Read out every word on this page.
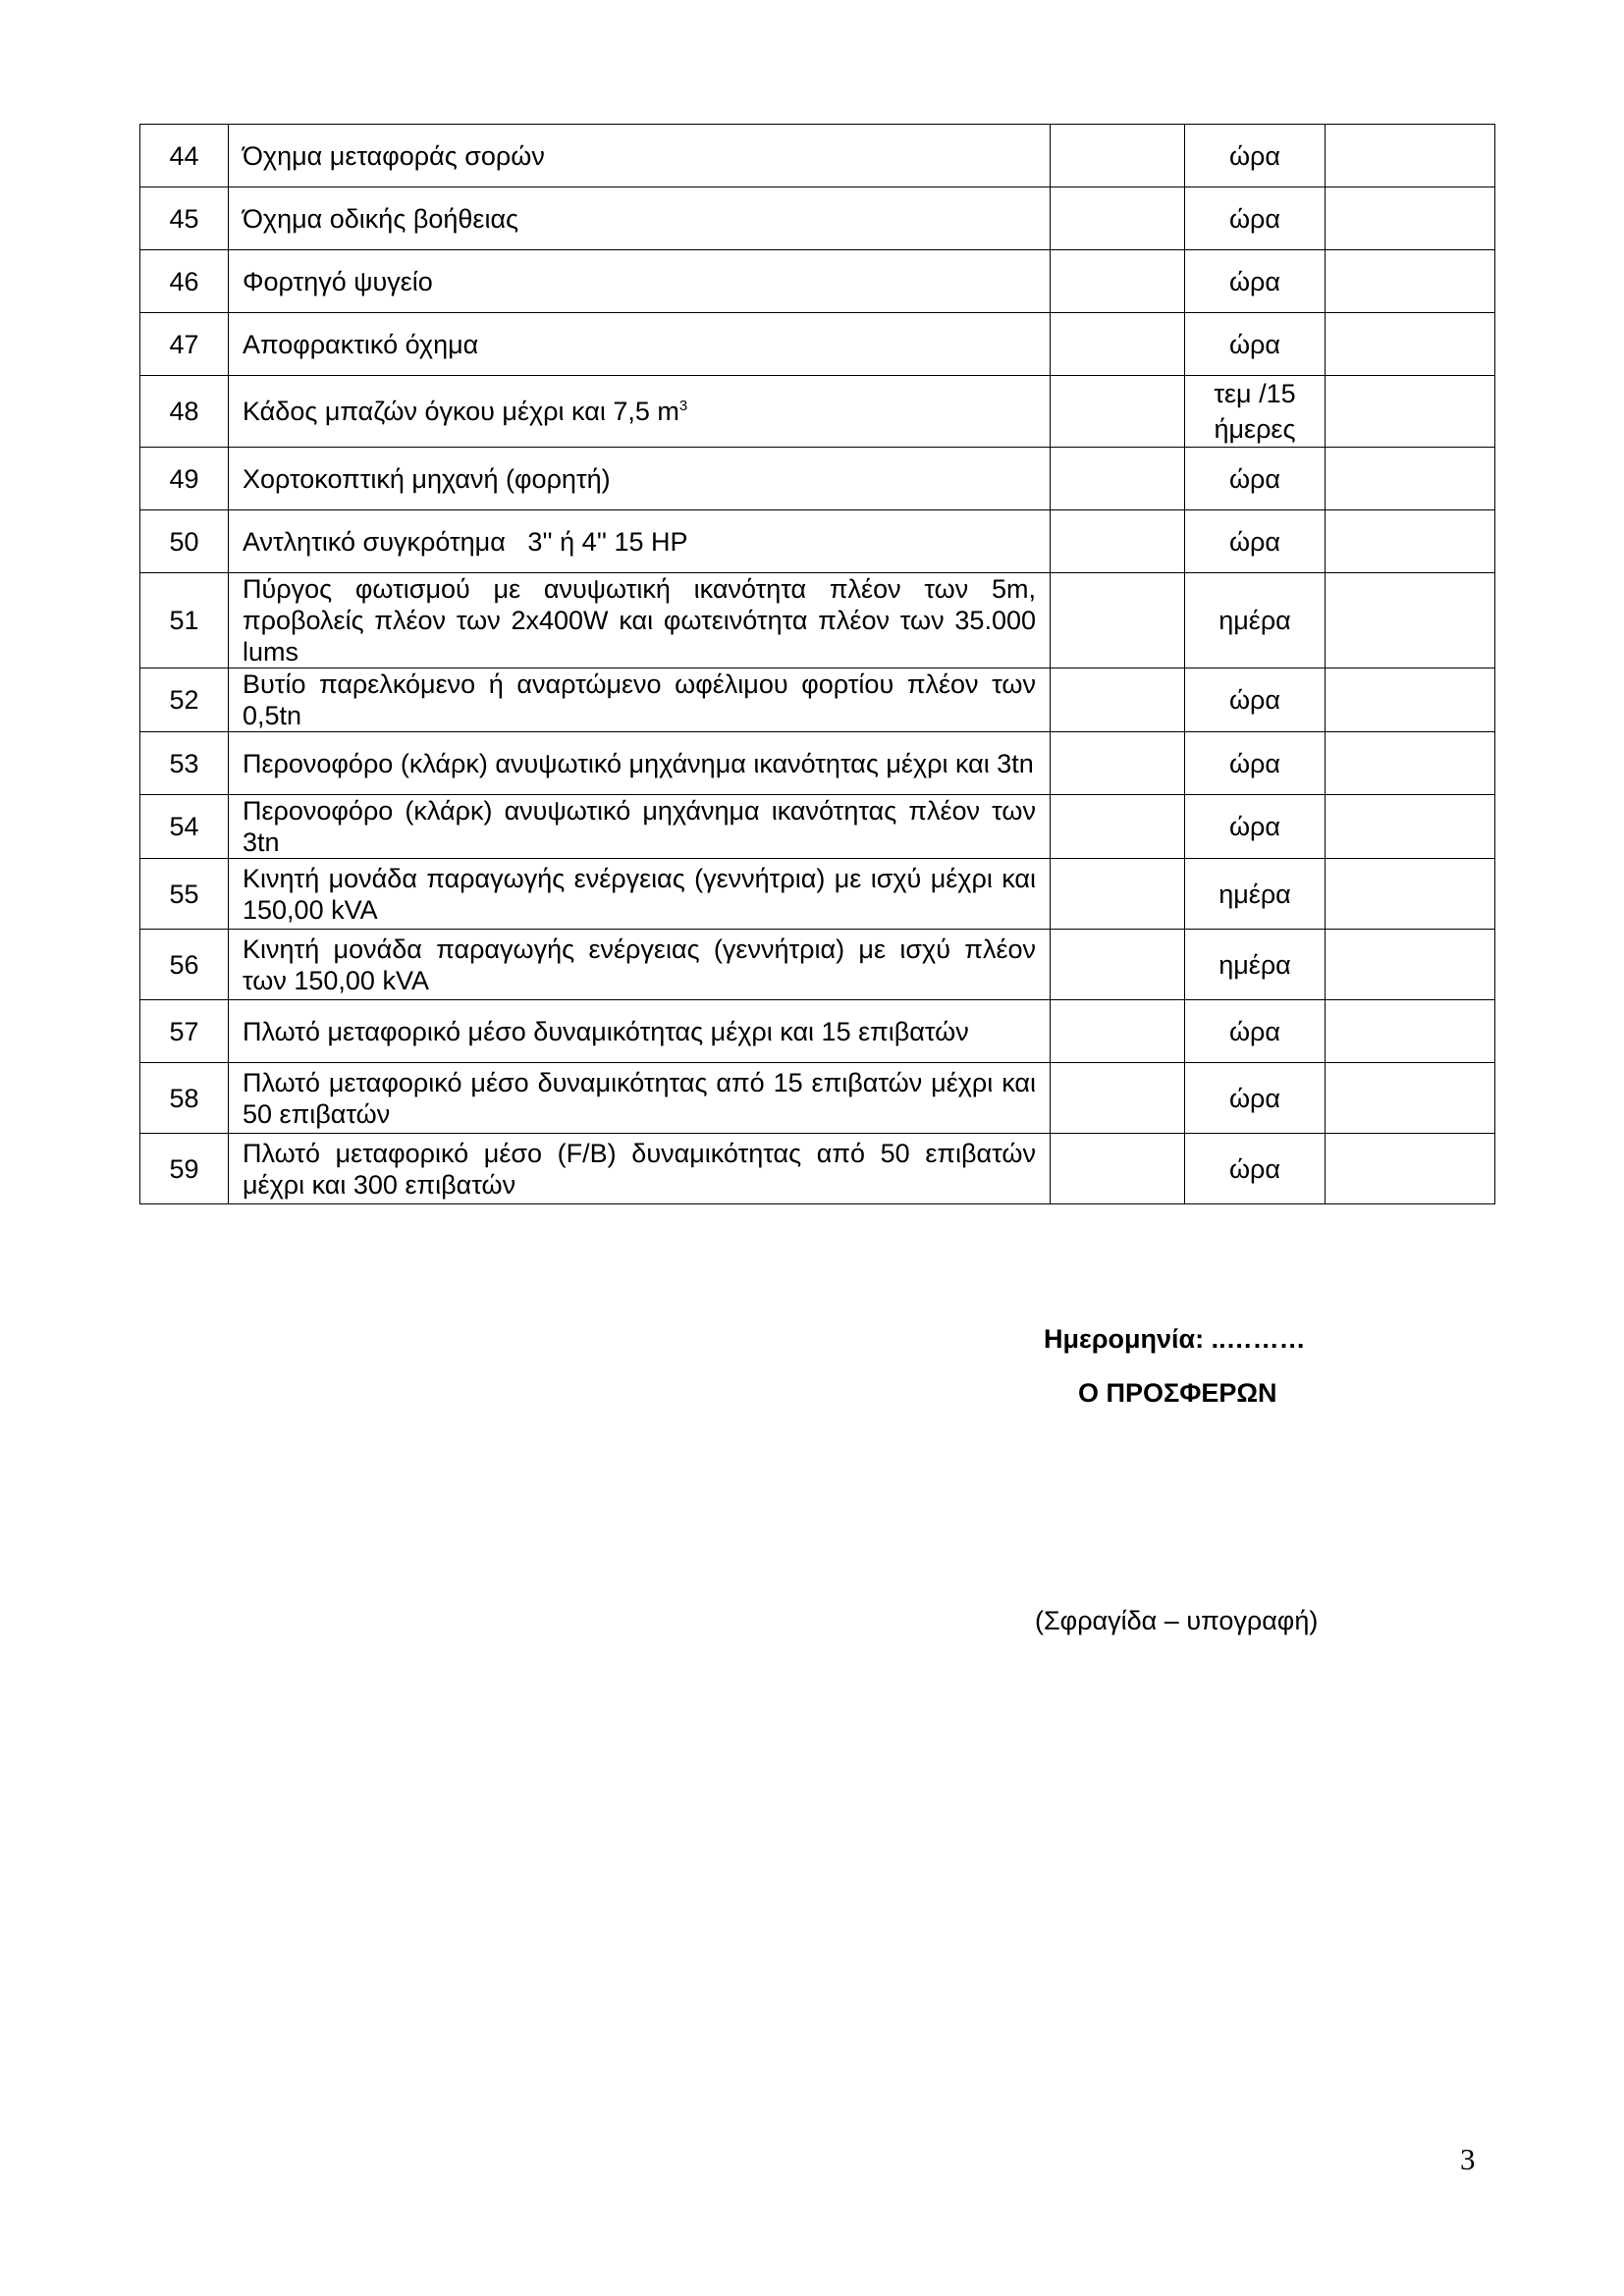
44	Όχημα μεταφοράς σορών		ώρα	
45	Όχημα οδικής βοήθειας		ώρα	
46	Φορτηγό ψυγείο		ώρα	
47	Αποφρακτικό όχημα		ώρα	
48	Κάδος μπαζών όγκου μέχρι και 7,5 $m^3$		τεμ /15
ήμερες	
49	Χορτοκοπτική μηχανή (φορητή)		ώρα	
50	Αντλητικό συγκρότημα   3'' ή 4'' 15 HP		ώρα	
51	Πύργος φωτισμού με ανυψωτική ικανότητα πλέον των 5m, προβολείς πλέον των 2x400W και φωτεινότητα πλέον των 35.000 lums		ημέρα	
52	Βυτίο παρελκόμενο ή αναρτώμενο ωφέλιμου φορτίου πλέον των 0,5tn		ώρα	
53	Περονοφόρο (κλάρκ) ανυψωτικό μηχάνημα ικανότητας μέχρι και 3tn		ώρα	
54	Περονοφόρο (κλάρκ) ανυψωτικό μηχάνημα ικανότητας πλέον των 3tn		ώρα	
55	Κινητή μονάδα παραγωγής ενέργειας (γεννήτρια) με ισχύ μέχρι και 150,00 kVA		ημέρα	
56	Κινητή μονάδα παραγωγής ενέργειας (γεννήτρια) με ισχύ πλέον των 150,00 kVA		ημέρα	
57	Πλωτό μεταφορικό μέσο δυναμικότητας μέχρι και 15 επιβατών		ώρα	
58	Πλωτό μεταφορικό μέσο δυναμικότητας από 15 επιβατών μέχρι και 50 επιβατών		ώρα	
59	Πλωτό μεταφορικό μέσο (F/B) δυναμικότητας από 50 επιβατών μέχρι και 300 επιβατών		ώρα	
Ημερομηνία: ..………
Ο ΠΡΟΣΦΕΡΩΝ
(Σφραγίδα – υπογραφή)
3
